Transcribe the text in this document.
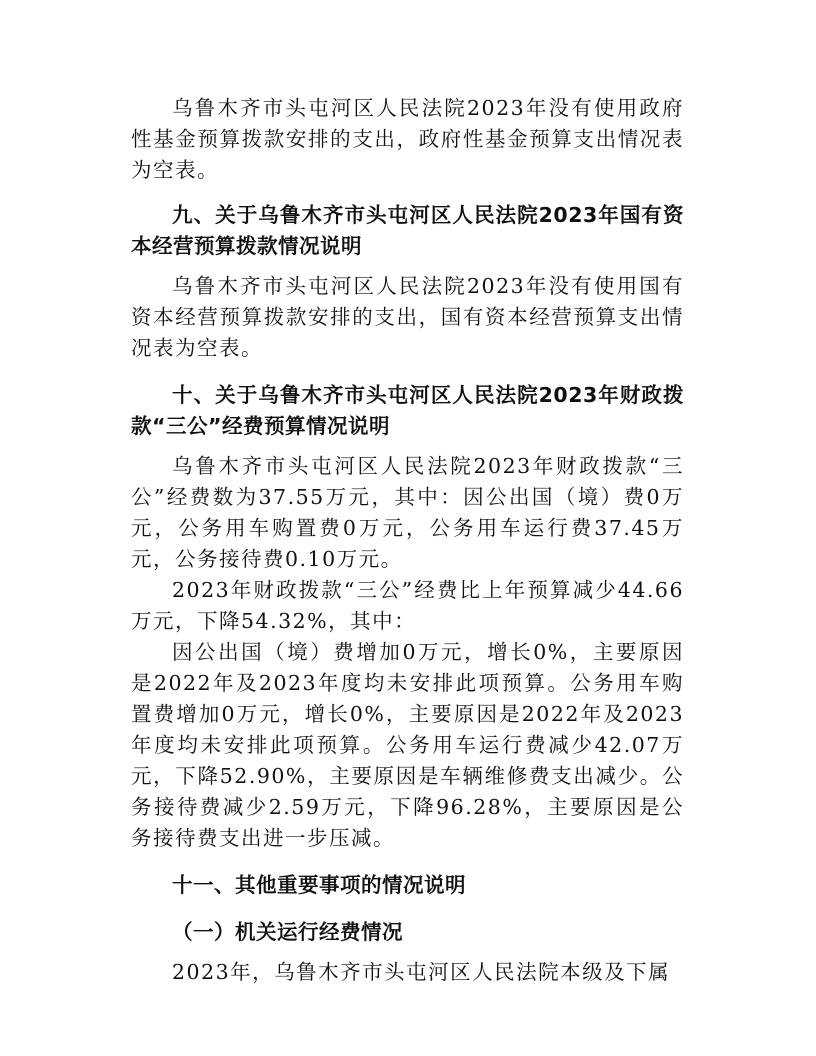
乌鲁木齐市头屯河区人民法院2023年没有使用政府性基金预算拨款安排的支出，政府性基金预算支出情况表为空表。

九、关于乌鲁木齐市头屯河区人民法院2023年国有资本经营预算拨款情况说明

乌鲁木齐市头屯河区人民法院2023年没有使用国有资本经营预算拨款安排的支出，国有资本经营预算支出情况表为空表。

十、关于乌鲁木齐市头屯河区人民法院2023年财政拨款“三公”经费预算情况说明

乌鲁木齐市头屯河区人民法院2023年财政拨款“三公”经费数为37.55万元，其中：因公出国（境）费0万元，公务用车购置费0万元，公务用车运行费37.45万元，公务接待费0.10万元。

2023年财政拨款“三公”经费比上年预算减少44.66万元，下降54.32%，其中：

因公出国（境）费增加0万元，增长0%，主要原因是2022年及2023年度均未安排此项预算。公务用车购置费增加0万元，增长0%，主要原因是2022年及2023年度均未安排此项预算。公务用车运行费减少42.07万元，下降52.90%，主要原因是车辆维修费支出减少。公务接待费减少2.59万元，下降96.28%，主要原因是公务接待费支出进一步压减。

十一、其他重要事项的情况说明

（一）机关运行经费情况

2023年，乌鲁木齐市头屯河区人民法院本级及下属
